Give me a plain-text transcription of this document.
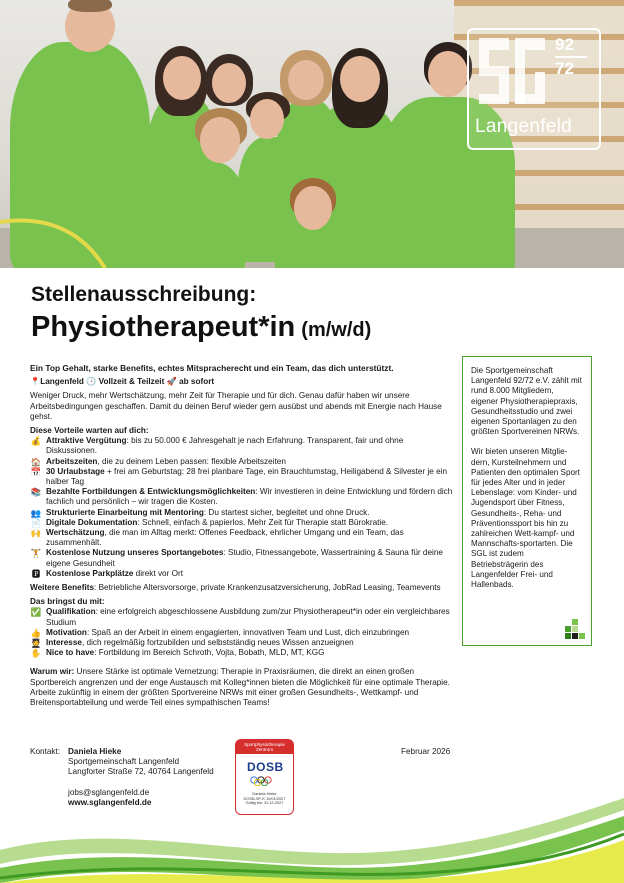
92
72
Langenfeld
Stellenausschreibung:
Physiotherapeut*in (m/w/d)

Ein Top Gehalt, starke Benefits, echtes Mitspracherecht und ein Team, das dich unterstützt.

📍Langenfeld 🕒 Vollzeit & Teilzeit 🚀 ab sofort

Weniger Druck, mehr Wertschätzung, mehr Zeit für Therapie und für dich. Genau dafür haben wir unsere Arbeitsbedingungen geschaffen. Damit du deinen Beruf wieder gern ausübst und abends mit Energie nach Hause gehst.

Diese Vorteile warten auf dich:

💰 Attraktive Vergütung: bis zu 50.000 € Jahresgehalt je nach Erfahrung. Transparent, fair und ohne Diskussionen.
🏠 Arbeitszeiten, die zu deinem Leben passen: flexible Arbeitszeiten
📅 30 Urlaubstage + frei am Geburtstag: 28 frei planbare Tage, ein Brauchtumstag, Heiligabend & Silvester je ein halber Tag
📚 Bezahlte Fortbildungen & Entwicklungsmöglichkeiten: Wir investieren in deine Entwicklung und fördern dich fachlich und persönlich – wir tragen die Kosten.
👥 Strukturierte Einarbeitung mit Mentoring: Du startest sicher, begleitet und ohne Druck.
📄 Digitale Dokumentation: Schnell, einfach & papierlos. Mehr Zeit für Therapie statt Bürokratie.
🙌 Wertschätzung, die man im Alltag merkt: Offenes Feedback, ehrlicher Umgang und ein Team, das zusammenhält.
🏋 Kostenlose Nutzung unseres Sportangebotes: Studio, Fitnessangebote, Wassertraining & Sauna für deine eigene Gesundheit
🅿 Kostenlose Parkplätze direkt vor Ort

Weitere Benefits: Betriebliche Altersvorsorge, private Krankenzusatzversicherung, JobRad Leasing, Teamevents

Das bringst du mit:

✅ Qualifikation: eine erfolgreich abgeschlossene Ausbildung zum/zur Physiotherapeut*in oder ein vergleichbares Studium
👍 Motivation: Spaß an der Arbeit in einem engagierten, innovativen Team und Lust, dich einzubringen
🧑‍🎓 Interesse, dich regelmäßig fortzubilden und selbstständig neues Wissen anzueignen
✋ Nice to have: Fortbildung im Bereich Schroth, Vojta, Bobath, MLD, MT, KGG

Warum wir: Unsere Stärke ist optimale Vernetzung: Therapie in Praxisräumen, die direkt an einen großen Sportbereich angrenzen und der enge Austausch mit Kolleg*innen bieten die Möglichkeit für eine optimale Therapie. Arbeite zukünftig in einem der größten Sportvereine NRWs mit einer großen Gesundheits-, Wettkampf- und Breitensportabteilung und werde Teil eines sympathischen Teams!

Die Sportgemeinschaft Langenfeld 92/72 e.V. zählt mit rund 8.000 Mitgliedern, eigener Physiotherapiepraxis, Gesundheitsstudio und zwei eigenen Sportanlagen zu den größten Sportvereinen NRWs.

Wir bieten unseren Mitglie-dern, Kursteilnehmern und Patienten den optimalen Sport für jedes Alter und in jeder Lebenslage: vom Kinder- und Jugendsport über Fitness, Gesundheits-, Reha- und Präventionssport bis hin zu zahlreichen Wett-kampf- und Mannschafts-sportarten. Die SGL ist zudem Betriebsträgerin des Langenfelder Frei- und Hallenbads.

Kontakt: Daniela Hieke
Sportgemeinschaft Langenfeld
Langforter Straße 72, 40764 Langenfeld
jobs@sglangenfeld.de
www.sglangenfeld.de
Februar 2026
Sportphysiotherapie Zentrum
DOSB
Daniela Hieke
DOSB-SP-K 10/01/2027
Gültig bis: 31.12.2027
